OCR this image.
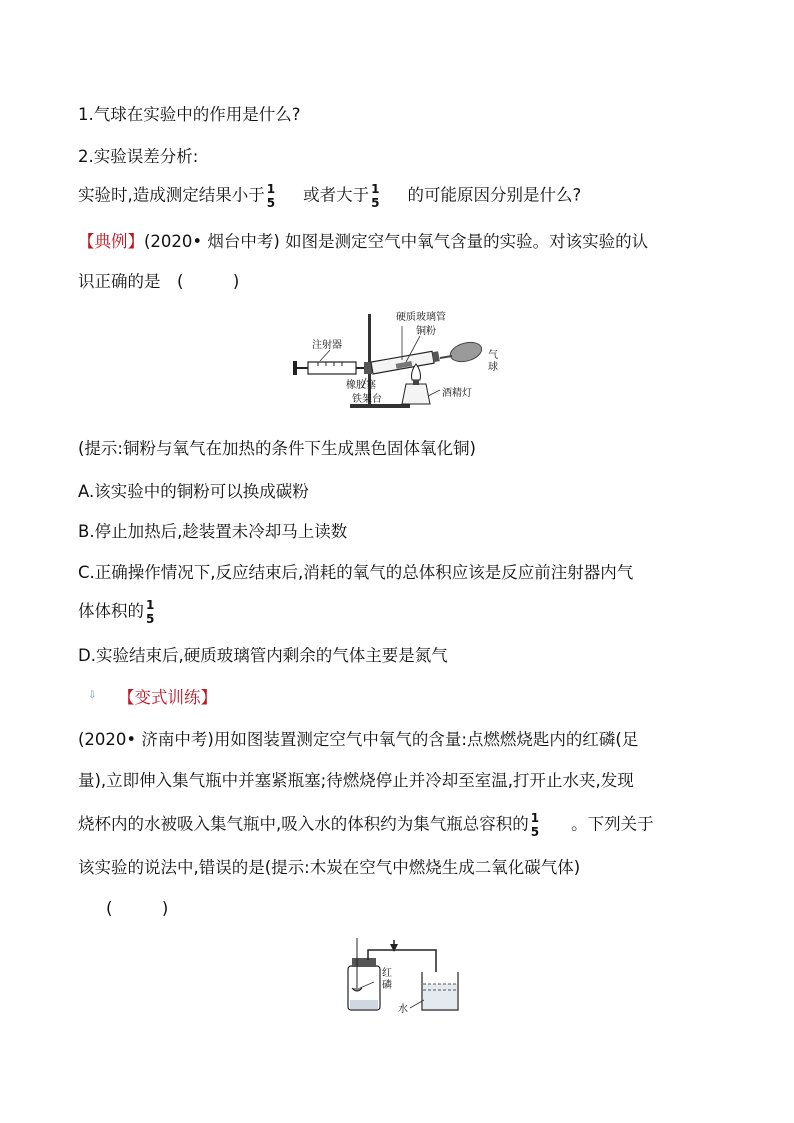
1.气球在实验中的作用是什么?
2.实验误差分析:
实验时,造成测定结果小于 1
5 或者大于 1
5 的可能原因分别是什么?
【典例】(2020• 烟台中考) 如图是测定空气中氧气含量的实验。对该实验的认
识正确的是　(　　　)
硬质玻璃管
铜粉
注射器
气
球
橡胶塞
铁架台
酒精灯
(提示:铜粉与氧气在加热的条件下生成黑色固体氧化铜)
A.该实验中的铜粉可以换成碳粉
B.停止加热后,趁装置未冷却马上读数
C.正确操作情况下,反应结束后,消耗的氧气的总体积应该是反应前注射器内气
体体积的 1
5
D.实验结束后,硬质玻璃管内剩余的气体主要是氮气
⇩ 【变式训练】
(2020• 济南中考)用如图装置测定空气中氧气的含量:点燃燃烧匙内的红磷(足
量),立即伸入集气瓶中并塞紧瓶塞;待燃烧停止并冷却至室温,打开止水夹,发现
烧杯内的水被吸入集气瓶中,吸入水的体积约为集气瓶总容积的 1
5 。下列关于
该实验的说法中,错误的是(提示:木炭在空气中燃烧生成二氧化碳气体)
(　　　)
红
磷
水
